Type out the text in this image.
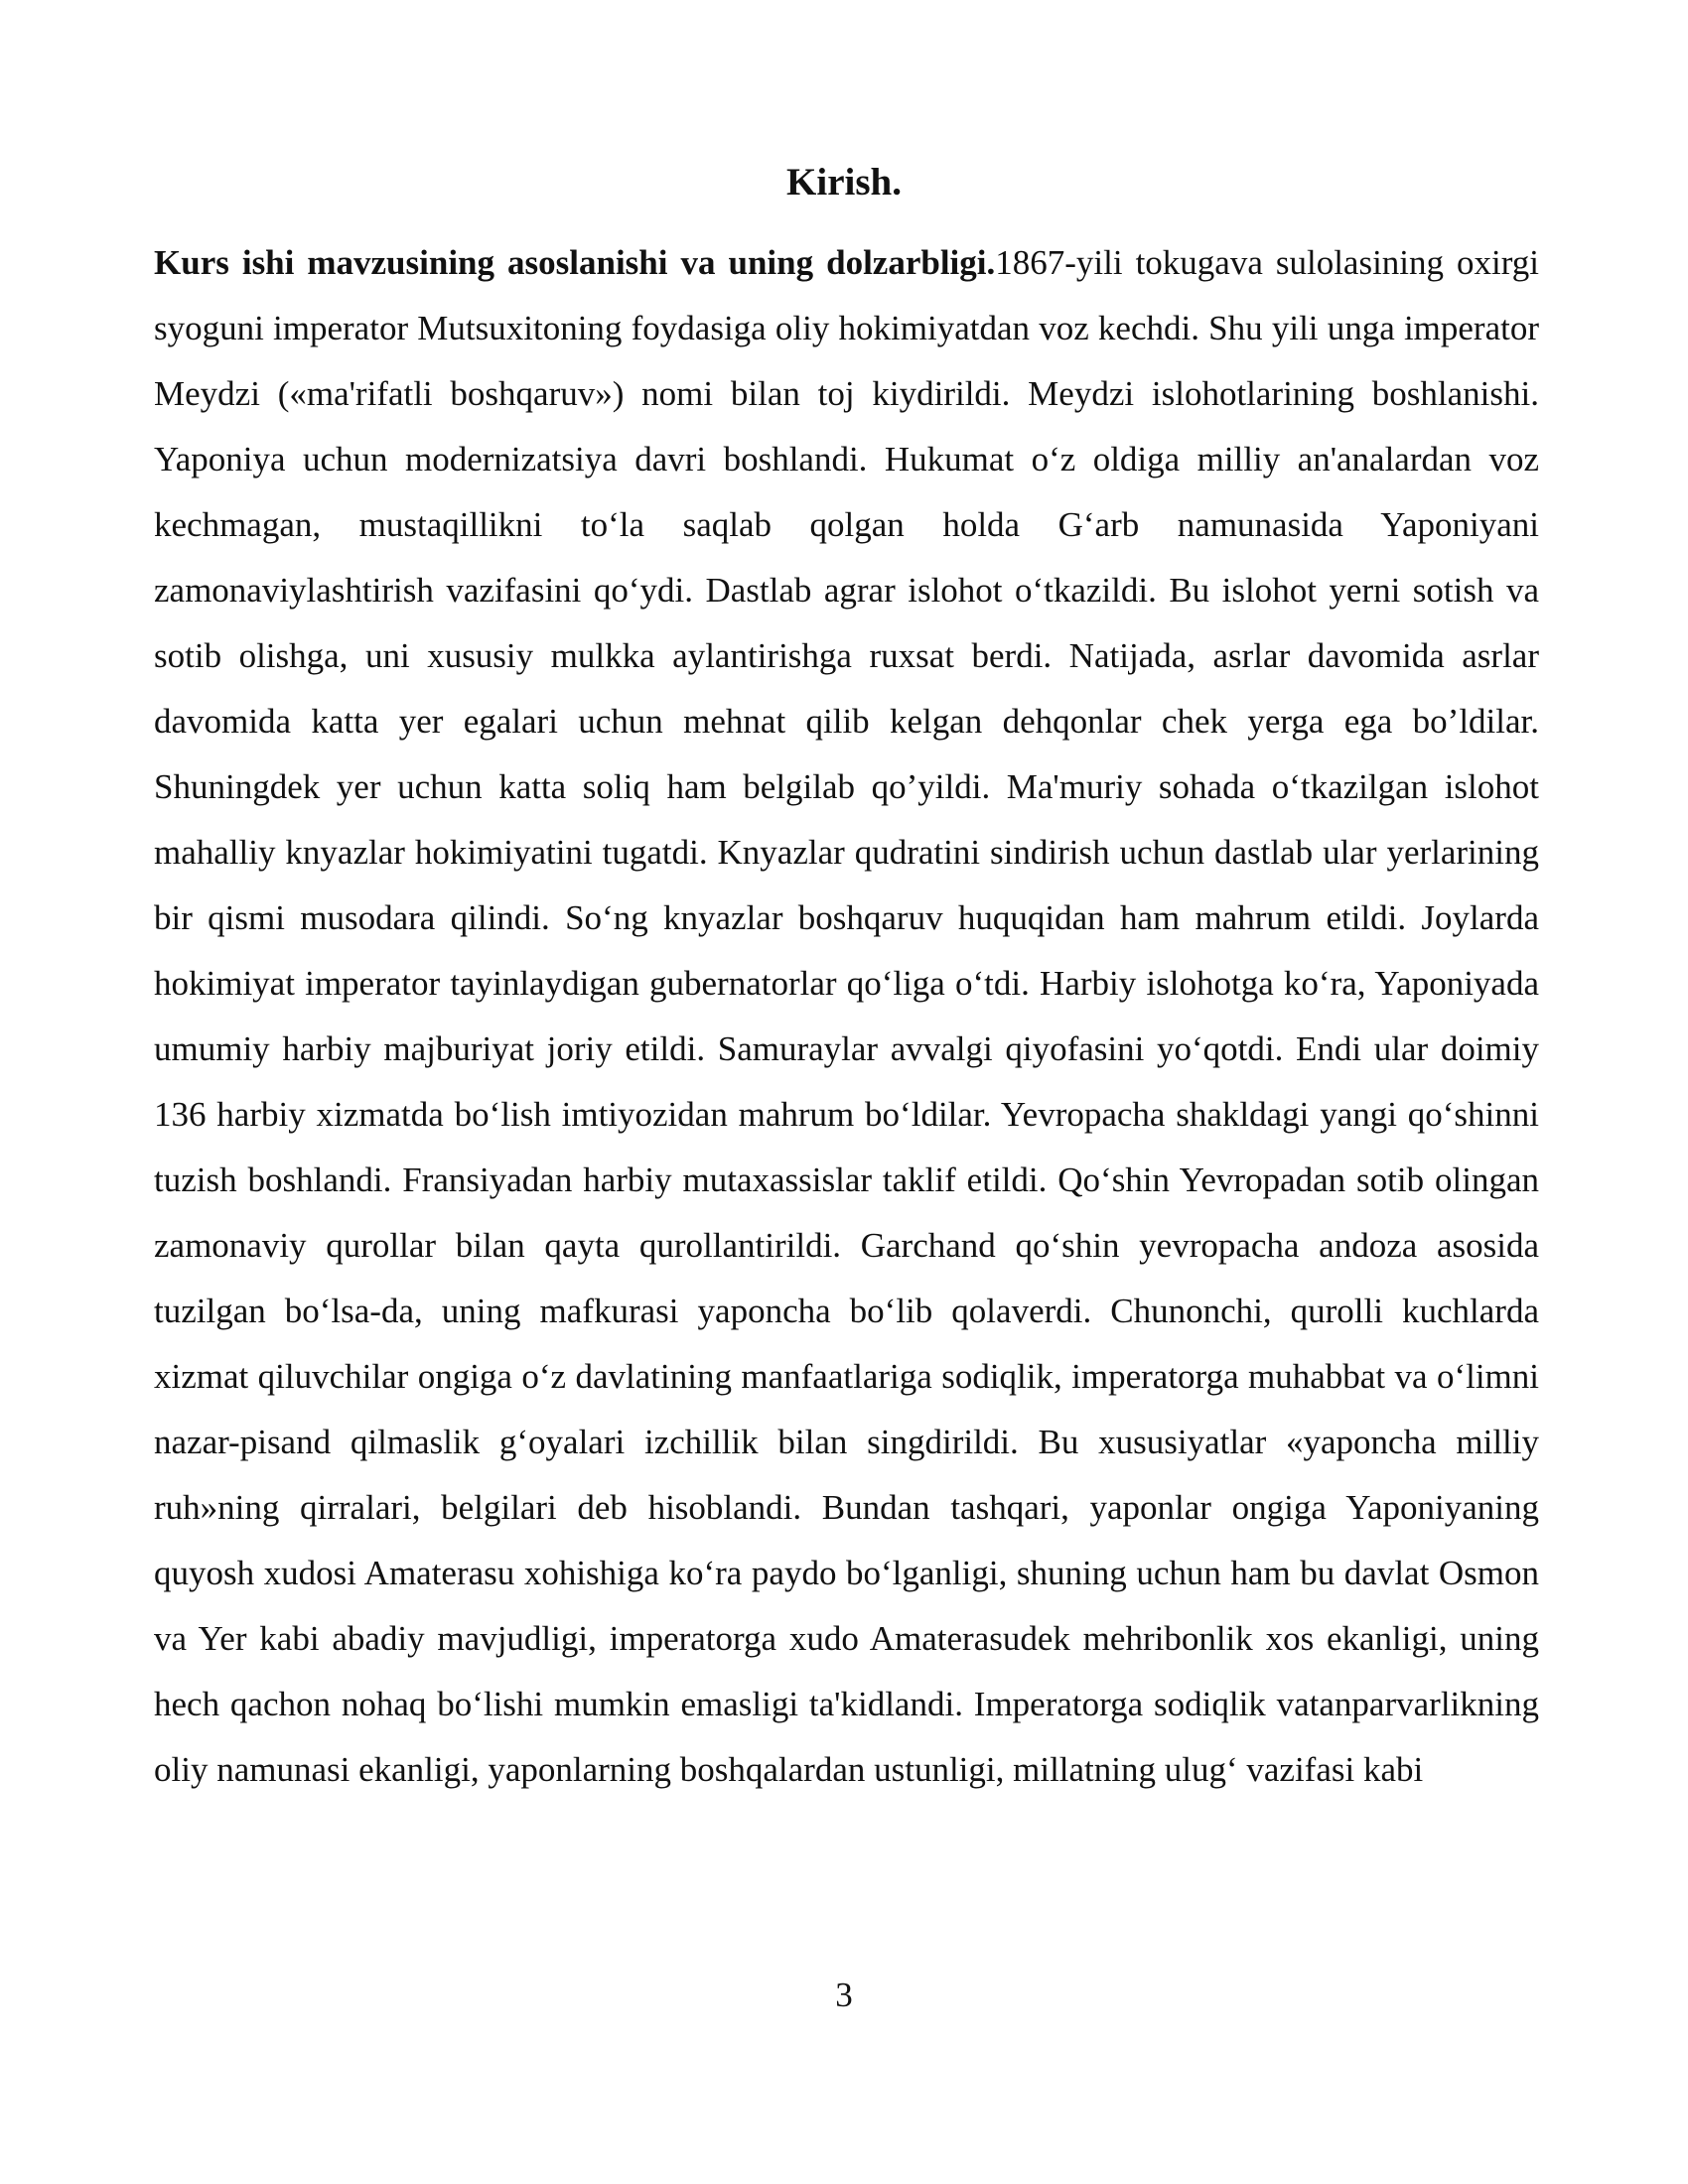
Kirish.
Kurs ishi mavzusining asoslanishi va uning dolzarbligi.1867-yili tokugava sulolasining oxirgi syoguni imperator Mutsuxitoning foydasiga oliy hokimiyatdan voz kechdi. Shu yili unga imperator Meydzi («ma'rifatli boshqaruv») nomi bilan toj kiydirildi. Meydzi islohotlarining boshlanishi. Yaponiya uchun modernizatsiya davri boshlandi. Hukumat o‘z oldiga milliy an'analardan voz kechmagan, mustaqillikni to‘la saqlab qolgan holda G‘arb namunasida Yaponiyani zamonaviylashtirish vazifasini qo‘ydi. Dastlab agrar islohot o‘tkazildi. Bu islohot yerni sotish va sotib olishga, uni xususiy mulkka aylantirishga ruxsat berdi. Natijada, asrlar davomida asrlar davomida katta yer egalari uchun mehnat qilib kelgan dehqonlar chek yerga ega bo’ldilar. Shuningdek yer uchun katta soliq ham belgilab qo’yildi. Ma'muriy sohada o‘tkazilgan islohot mahalliy knyazlar hokimiyatini tugatdi. Knyazlar qudratini sindirish uchun dastlab ular yerlarining bir qismi musodara qilindi. So‘ng knyazlar boshqaruv huquqidan ham mahrum etildi. Joylarda hokimiyat imperator tayinlaydigan gubernatorlar qo‘liga o‘tdi. Harbiy islohotga ko‘ra, Yaponiyada umumiy harbiy majburiyat joriy etildi. Samuraylar avvalgi qiyofasini yo‘qotdi. Endi ular doimiy 136 harbiy xizmatda bo‘lish imtiyozidan mahrum bo‘ldilar. Yevropacha shakldagi yangi qo‘shinni tuzish boshlandi. Fransiyadan harbiy mutaxassislar taklif etildi. Qo‘shin Yevropadan sotib olingan zamonaviy qurollar bilan qayta qurollantirildi. Garchand qo‘shin yevropacha andoza asosida tuzilgan bo‘lsa-da, uning mafkurasi yaponcha bo‘lib qolaverdi. Chunonchi, qurolli kuchlarda xizmat qiluvchilar ongiga o‘z davlatining manfaatlariga sodiqlik, imperatorga muhabbat va o‘limni nazar-pisand qilmaslik g‘oyalari izchillik bilan singdirildi. Bu xususiyatlar «yaponcha milliy ruh»ning qirralari, belgilari deb hisoblandi. Bundan tashqari, yaponlar ongiga Yaponiyaning quyosh xudosi Amaterasu xohishiga ko‘ra paydo bo‘lganligi, shuning uchun ham bu davlat Osmon va Yer kabi abadiy mavjudligi, imperatorga xudo Amaterasudek mehribonlik xos ekanligi, uning hech qachon nohaq bo‘lishi mumkin emasligi ta'kidlandi. Imperatorga sodiqlik vatanparvarlikning oliy namunasi ekanligi, yaponlarning boshqalardan ustunligi, millatning ulug‘ vazifasi kabi
3
